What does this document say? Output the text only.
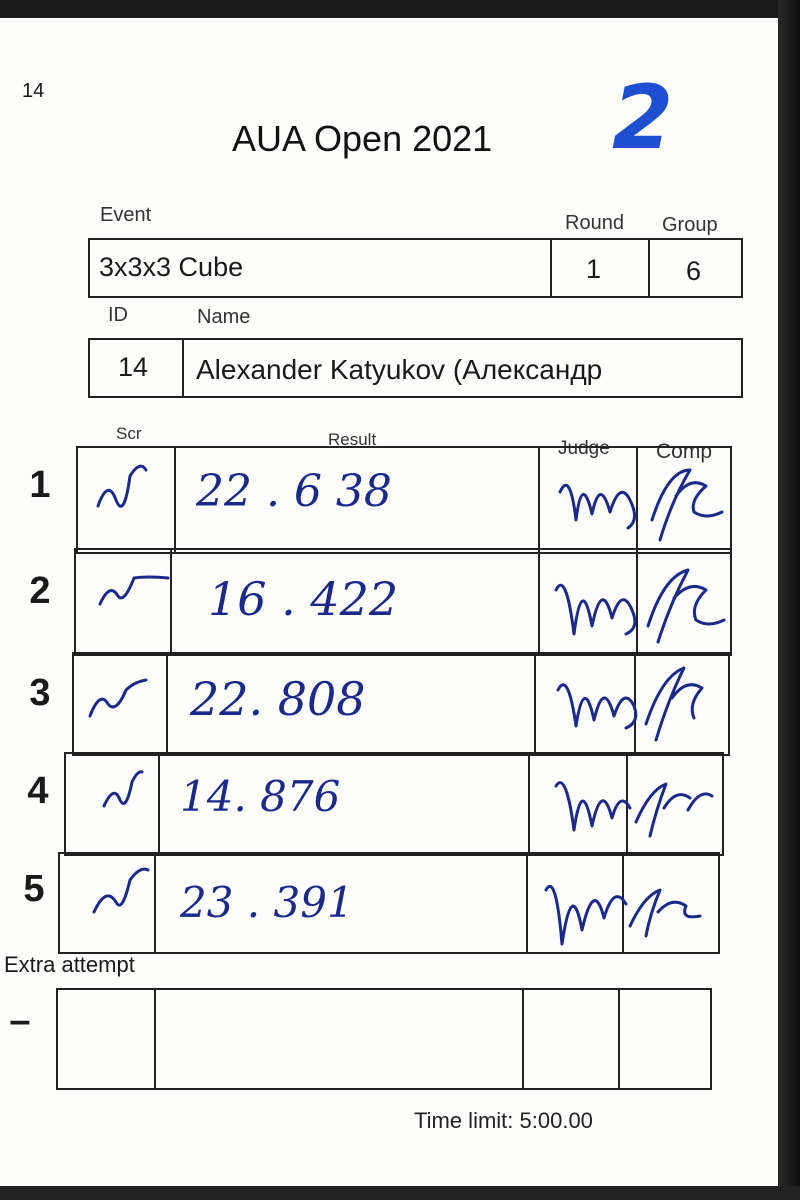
14
AUA Open 2021 2
Event	Round Group
3x3x3 Cube	1	6
ID	Name
14 Alexander Katyukov (Александр
Scr	Result	Judge Comp
1	22 . 6 38
2	16 . 422
3	22. 808
4	14. 876
5	23 . 391
Extra attempt
–
Time limit: 5:00.00
